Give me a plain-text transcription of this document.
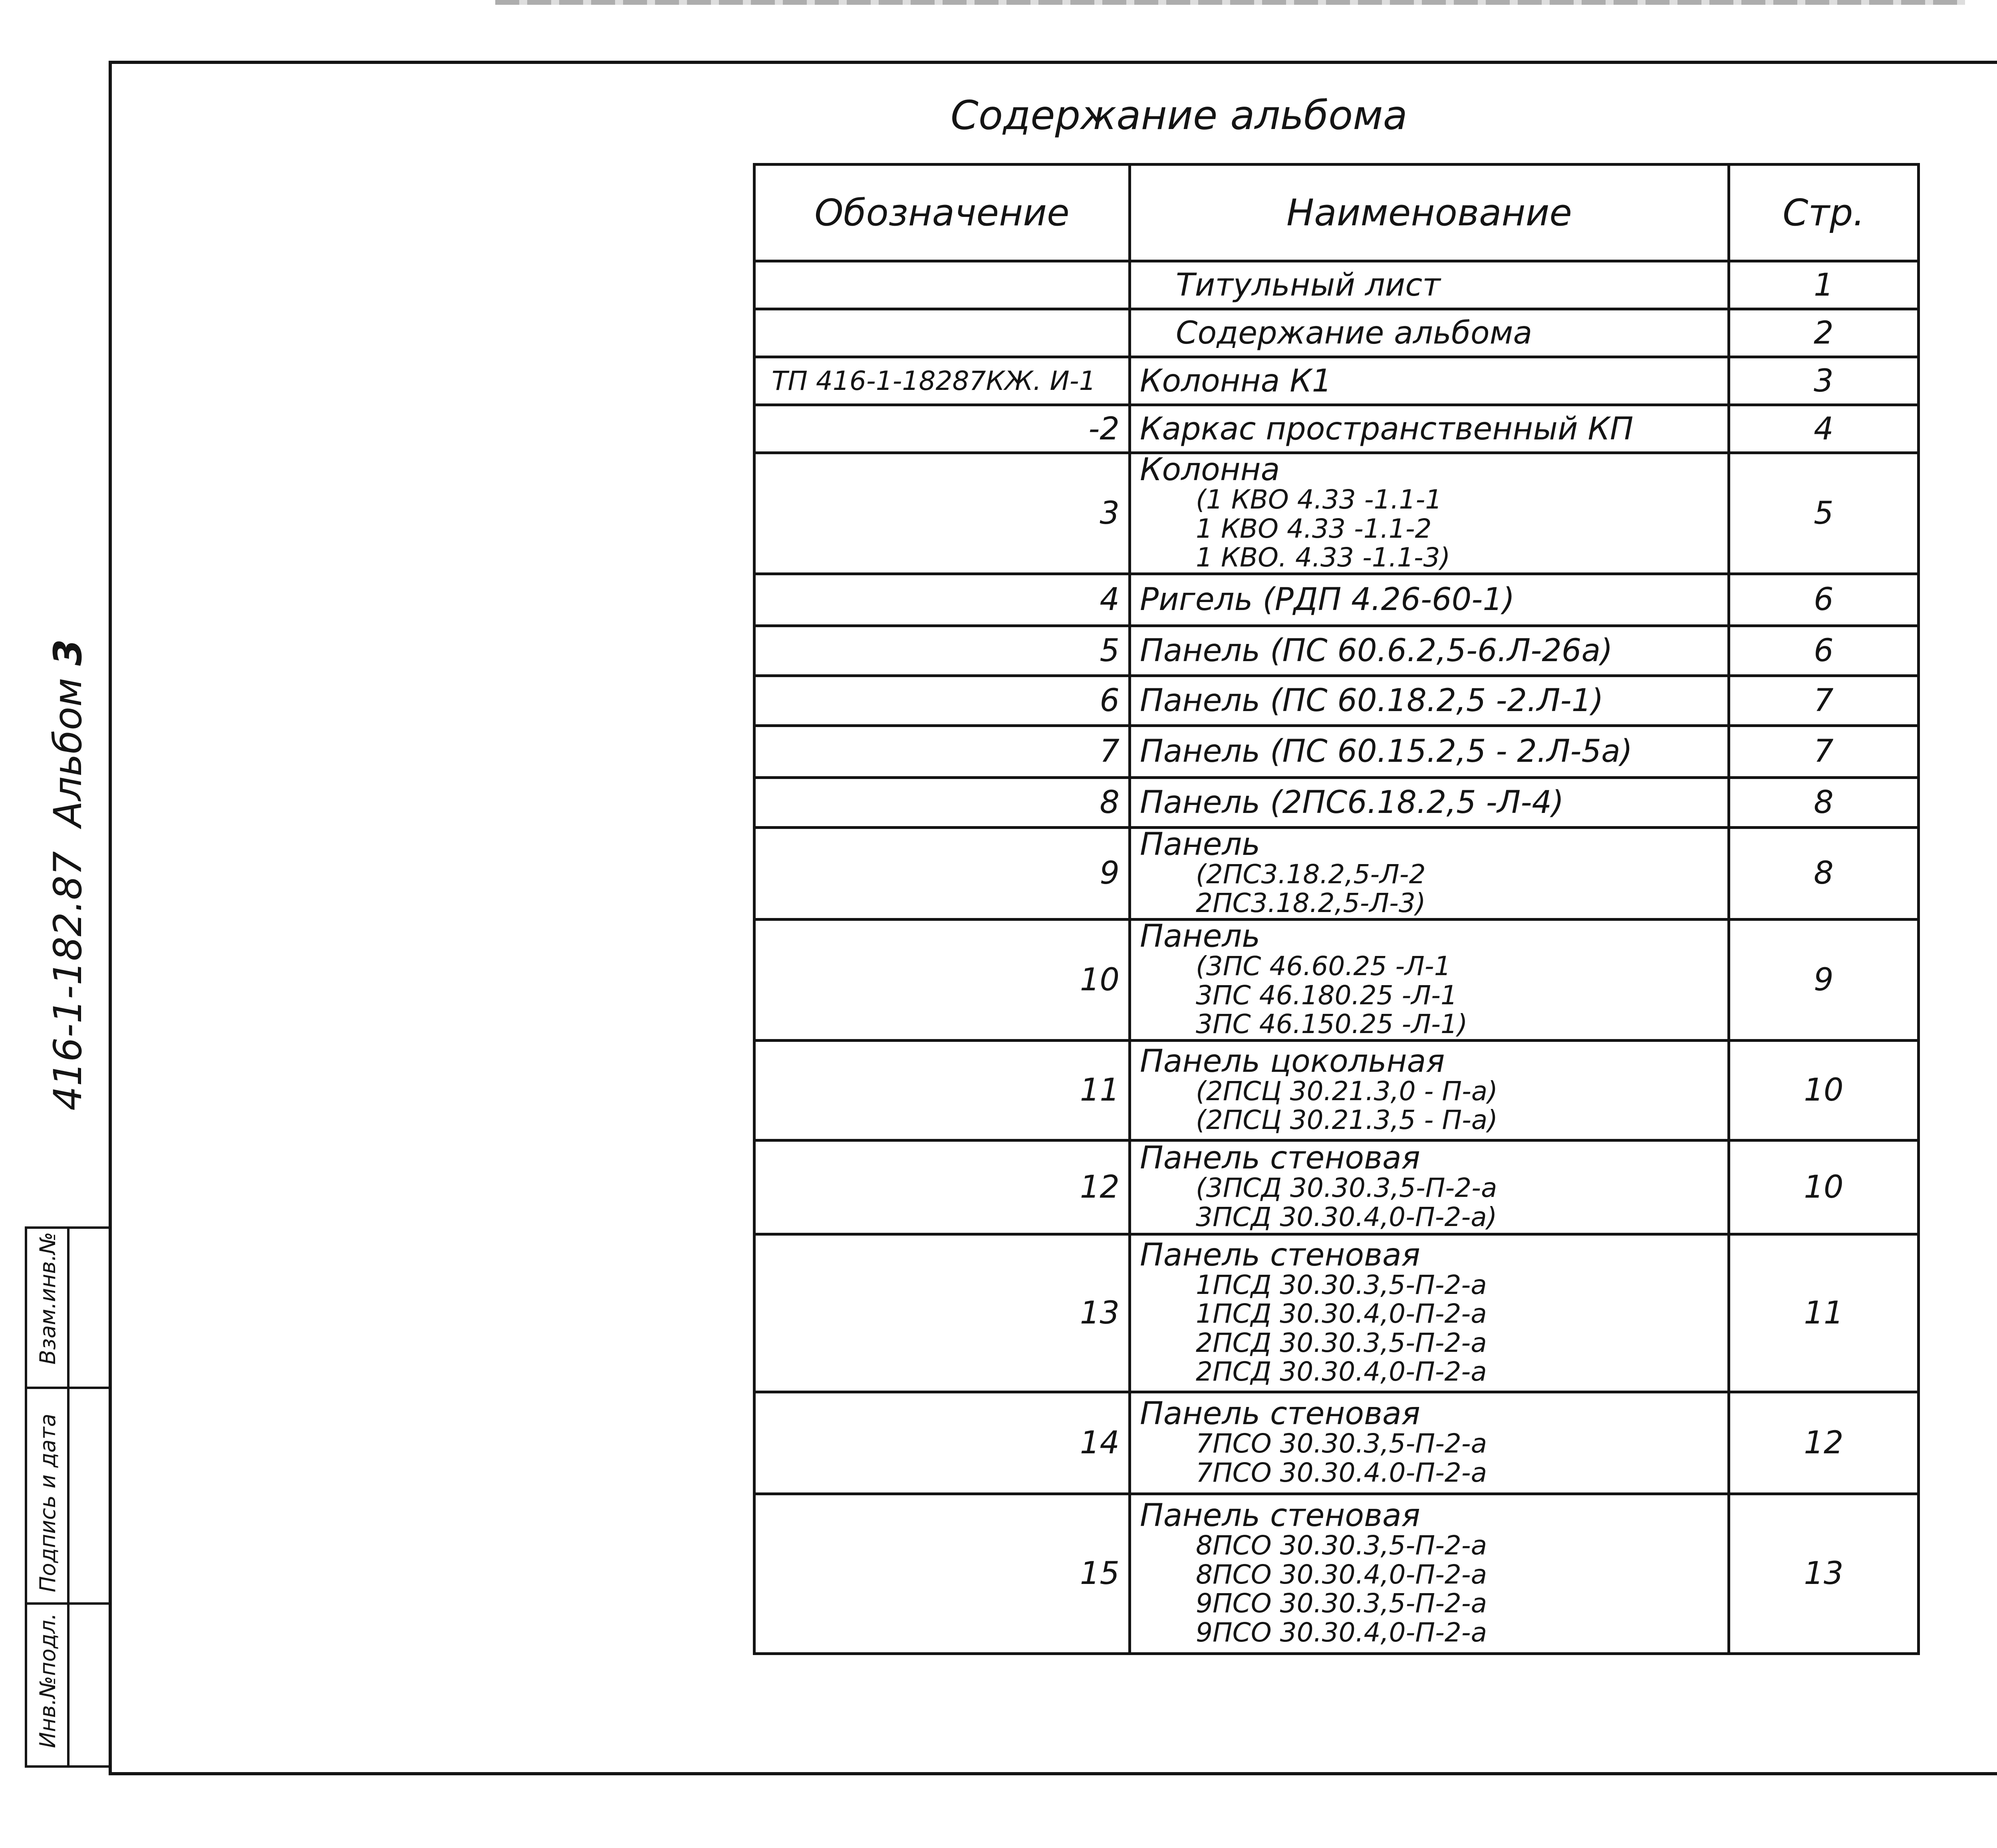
416-1-182.87
Альбом
3
Взам.инв.№
Подпись и дата
Инв.№подл.
Содержание альбома
Обозначение	Наименование	Стр.

	Титульный лист	1

	Содержание альбома	2
ТП 416-1-18287КЖ. И-1	Колонна К1	3
-2	Каркас пространственный КП	4
3	Колонна
(1 КВО 4.33 -1.1-1
1 КВО 4.33 -1.1-2
1 КВО. 4.33 -1.1-3)	5
4	Ригель (РДП 4.26-60-1)	6
5	Панель (ПС 60.6.2,5-6.Л-26а)	6
6	Панель (ПС 60.18.2,5 -2.Л-1)	7
7	Панель (ПС 60.15.2,5 - 2.Л-5а)	7
8	Панель (2ПС6.18.2,5 -Л-4)	8
9	Панель
(2ПС3.18.2,5-Л-2
2ПС3.18.2,5-Л-3)	8
10	Панель
(3ПС 46.60.25 -Л-1
3ПС 46.180.25 -Л-1
3ПС 46.150.25 -Л-1)	9
11	Панель цокольная
(2ПСЦ 30.21.3,0 - П-а)
(2ПСЦ 30.21.3,5 - П-а)	10
12	Панель стеновая
(3ПСД 30.30.3,5-П-2-а
3ПСД 30.30.4,0-П-2-а)	10
13	Панель стеновая
1ПСД 30.30.3,5-П-2-а
1ПСД 30.30.4,0-П-2-а
2ПСД 30.30.3,5-П-2-а
2ПСД 30.30.4,0-П-2-а	11
14	Панель стеновая
7ПСО 30.30.3,5-П-2-а
7ПСО 30.30.4.0-П-2-а	12
15	Панель стеновая
8ПСО 30.30.3,5-П-2-а
8ПСО 30.30.4,0-П-2-а
9ПСО 30.30.3,5-П-2-а
9ПСО 30.30.4,0-П-2-а	13
